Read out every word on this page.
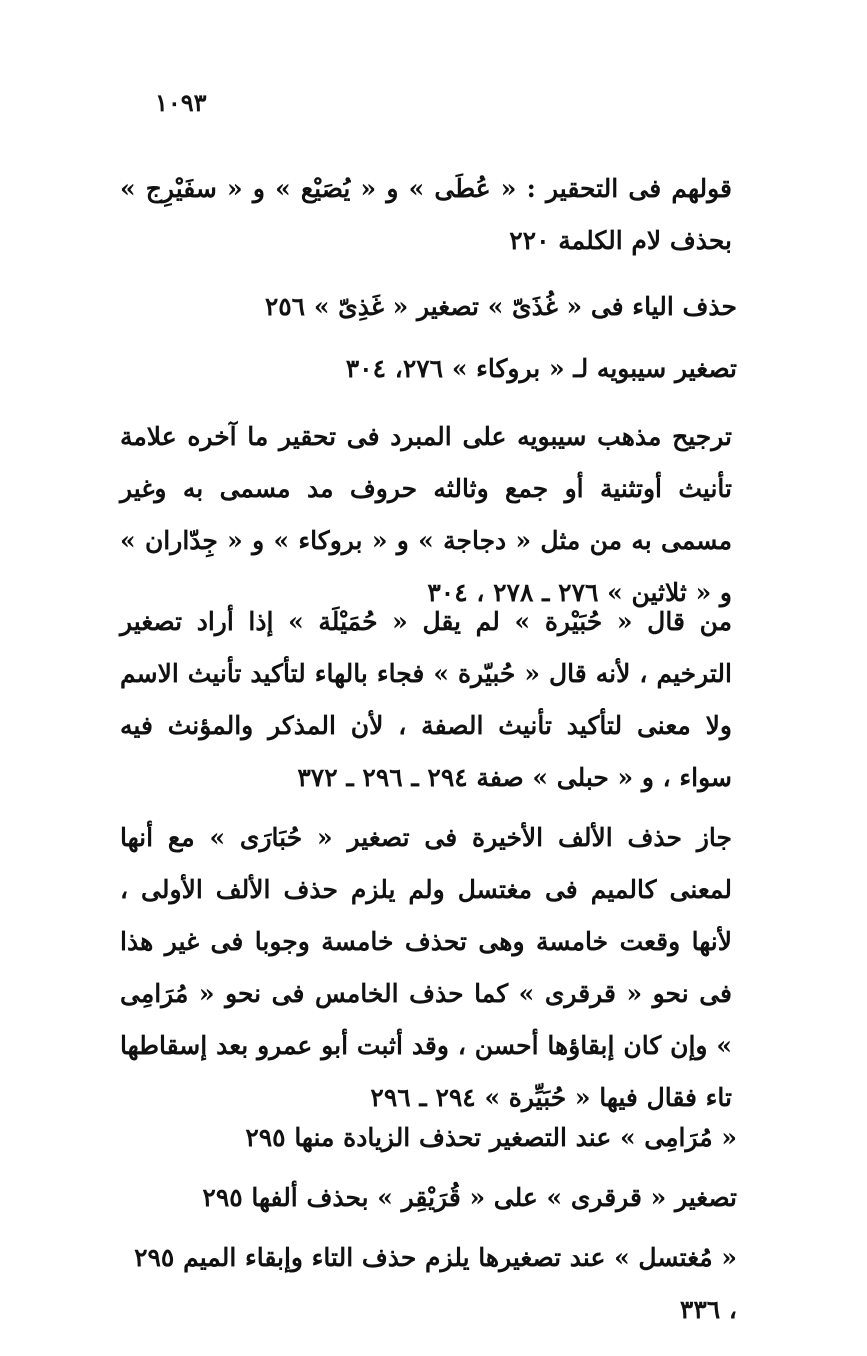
١٠٩٣

قولهم فى التحقير : « عُطَى » و « يُصَيْع » و « سفَيْرِج » بحذف لام الكلمة ٢٢٠

حذف الياء فى « غُذَىّ » تصغير « غَذِىّ » ٢٥٦

تصغير سيبويه لـ « بروكاء » ٢٧٦، ٣٠٤

ترجيح مذهب سيبويه على المبرد فى تحقير ما آخره علامة تأنيث أوتثنية أو جمع وثالثه حروف مد مسمى به وغير مسمى به من مثل « دجاجة » و « بروكاء » و « جِدّاران » و « ثلاثين » ٢٧٦ ـ ٢٧٨ ، ٣٠٤

من قال « حُبَيْرة » لم يقل « حُمَيْلَة » إذا أراد تصغير الترخيم ، لأنه قال « حُبيّرة » فجاء بالهاء لتأكيد تأنيث الاسم ولا معنى لتأكيد تأنيث الصفة ، لأن المذكر والمؤنث فيه سواء ، و « حبلى » صفة ٢٩٤ ـ ٢٩٦ ـ ٣٧٢

جاز حذف الألف الأخيرة فى تصغير « حُبَارَى » مع أنها لمعنى كالميم فى مغتسل ولم يلزم حذف الألف الأولى ، لأنها وقعت خامسة وهى تحذف خامسة وجوبا فى غير هذا فى نحو « قرقرى » كما حذف الخامس فى نحو « مُرَامِى » وإن كان إبقاؤها أحسن ، وقد أثبت أبو عمرو بعد إسقاطها تاء فقال فيها « حُبَيِّرة » ٢٩٤ ـ ٢٩٦

« مُرَامِى » عند التصغير تحذف الزيادة منها ٢٩٥

تصغير « قرقرى » على « قُرَيْقِر » بحذف ألفها ٢٩٥

« مُغتسل » عند تصغيرها يلزم حذف التاء وإبقاء الميم ٢٩٥ ، ٣٣٦
